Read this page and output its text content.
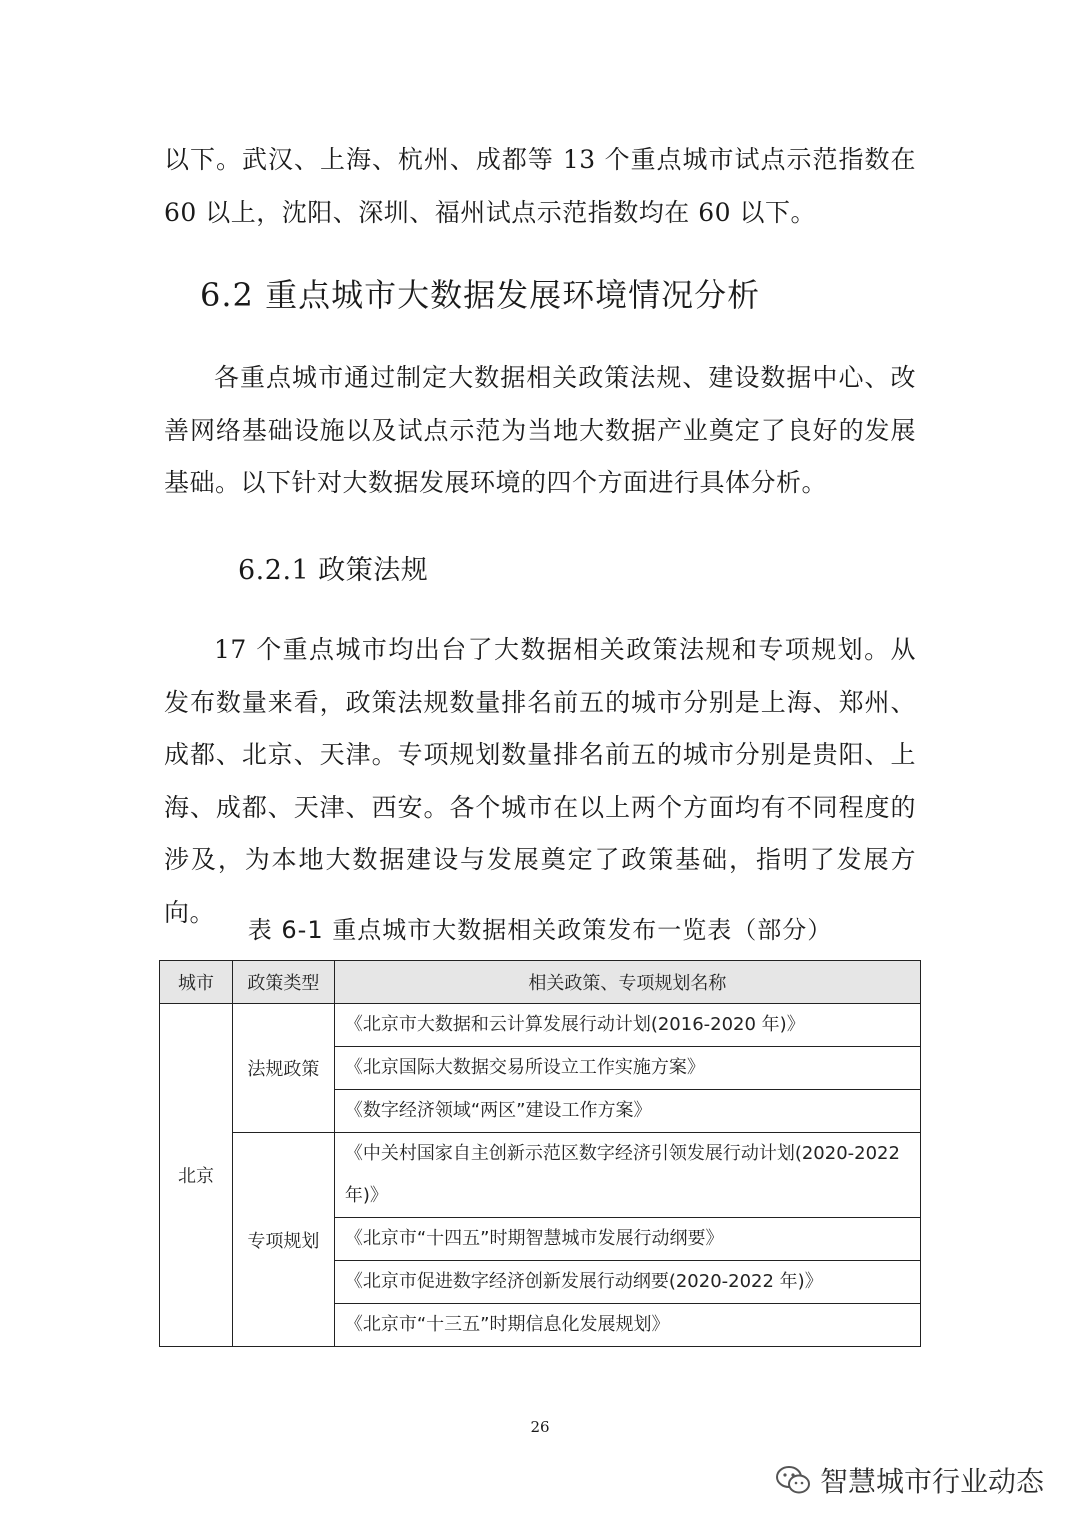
以下。武汉、上海、杭州、成都等 13 个重点城市试点示范指数在 60 以上，沈阳、深圳、福州试点示范指数均在 60 以下。

6.2 重点城市大数据发展环境情况分析

各重点城市通过制定大数据相关政策法规、建设数据中心、改善网络基础设施以及试点示范为当地大数据产业奠定了良好的发展基础。以下针对大数据发展环境的四个方面进行具体分析。

6.2.1 政策法规

17 个重点城市均出台了大数据相关政策法规和专项规划。从发布数量来看，政策法规数量排名前五的城市分别是上海、郑州、成都、北京、天津。专项规划数量排名前五的城市分别是贵阳、上海、成都、天津、西安。各个城市在以上两个方面均有不同程度的涉及，为本地大数据建设与发展奠定了政策基础，指明了发展方向。

表 6-1 重点城市大数据相关政策发布一览表（部分）

城市	政策类型	相关政策、专项规划名称
北京	法规政策	《北京市大数据和云计算发展行动计划(2016-2020 年)》
		《北京国际大数据交易所设立工作实施方案》
		《数字经济领域“两区”建设工作方案》
	专项规划	《中关村国家自主创新示范区数字经济引领发展行动计划(2020-2022 年)》
		《北京市“十四五”时期智慧城市发展行动纲要》
		《北京市促进数字经济创新发展行动纲要(2020-2022 年)》
		《北京市“十三五”时期信息化发展规划》

26

智慧城市行业动态
